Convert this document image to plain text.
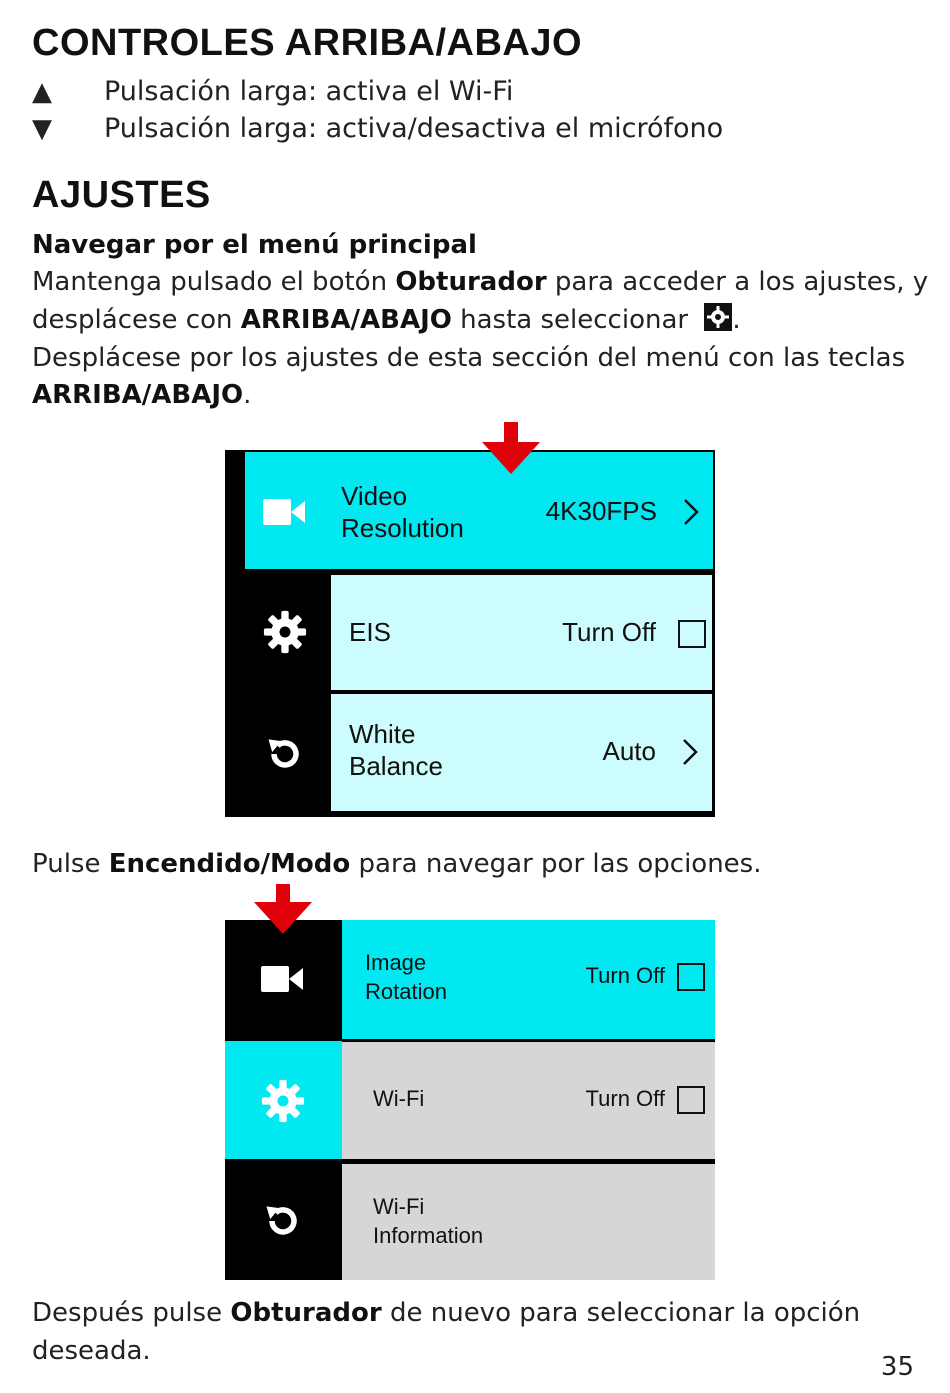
CONTROLES ARRIBA/ABAJO
▲ Pulsación larga: activa el Wi-Fi
▼ Pulsación larga: activa/desactiva el micrófono
AJUSTES
Navegar por el menú principal
Mantenga pulsado el botón Obturador para acceder a los ajustes, y
desplácese con ARRIBA/ABAJO hasta seleccionar
.
Desplácese por los ajustes de esta sección del menú con las teclas
ARRIBA/ABAJO.
Video
Resolution
4K30FPS
EIS	Turn Off
White
Balance	Auto
Pulse Encendido/Modo para navegar por las opciones.
Image
Rotation
Turn Off
Wi-Fi	Turn Off
Wi-Fi
Information
Después pulse Obturador de nuevo para seleccionar la opción deseada.
35
